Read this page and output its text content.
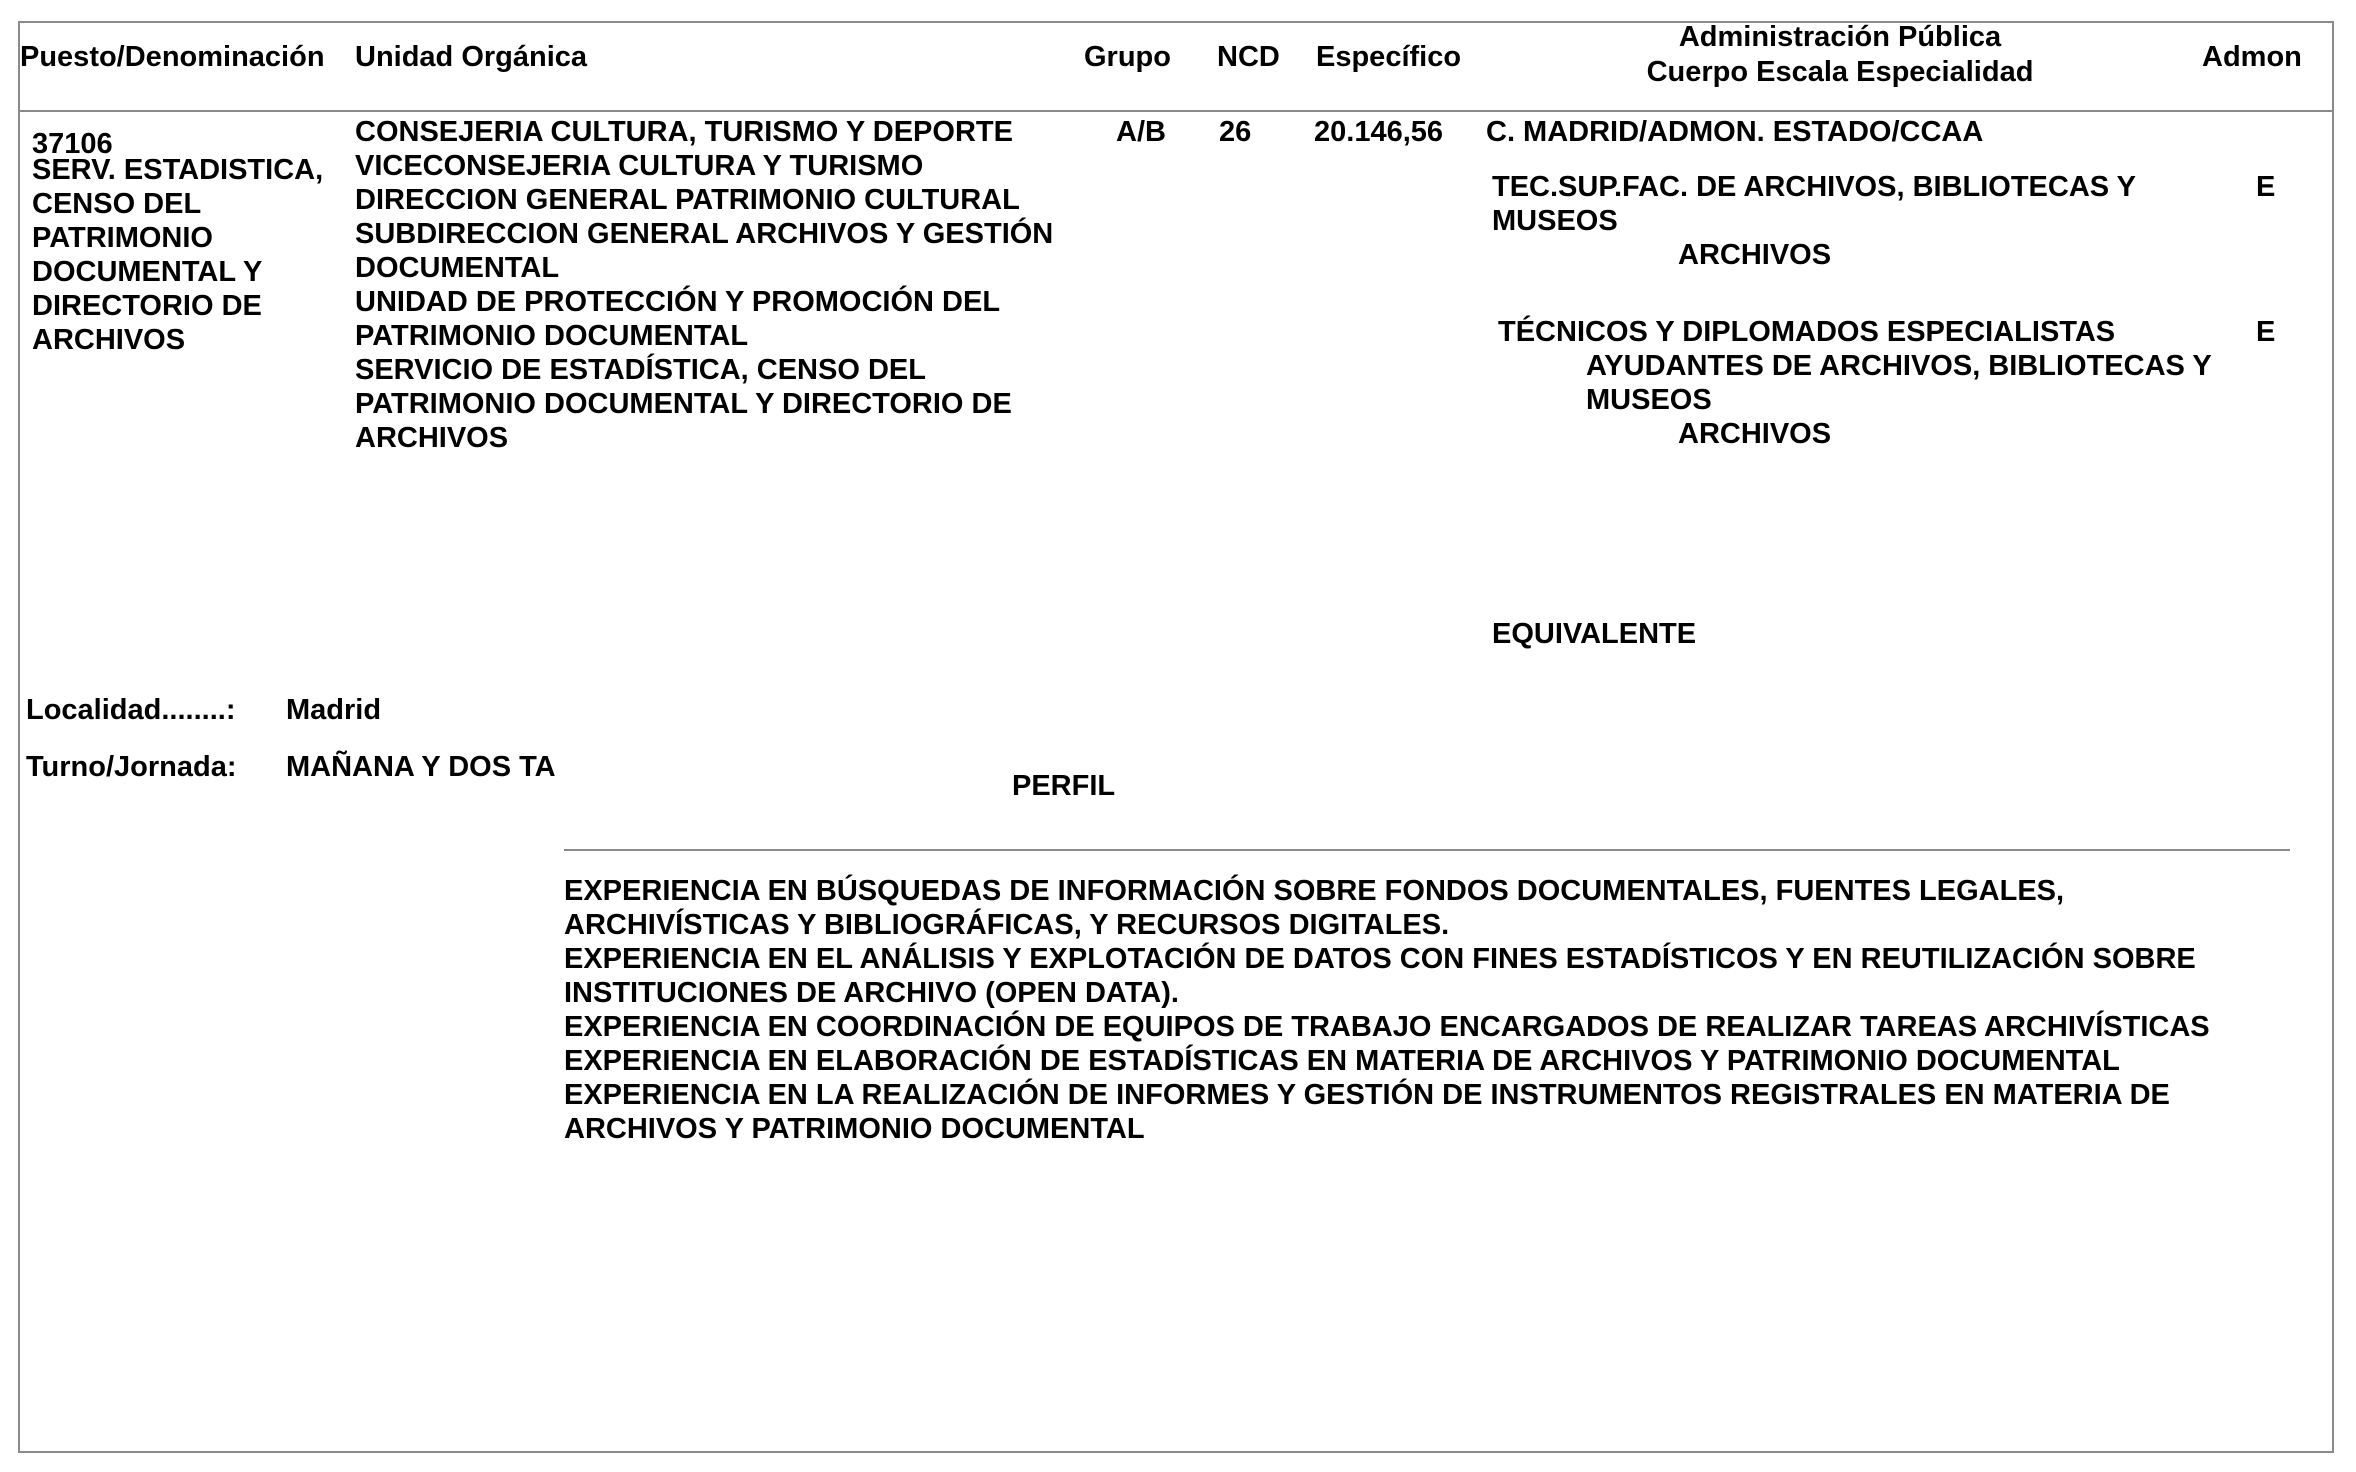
Puesto/Denominación Unidad Orgánica	Grupo NCD Específico
Administración Pública
Cuerpo Escala Especialidad	Admon
37106
SERV. ESTADISTICA,
CENSO DEL
PATRIMONIO
DOCUMENTAL Y
DIRECTORIO DE
ARCHIVOS
CONSEJERIA CULTURA, TURISMO Y DEPORTE
VICECONSEJERIA CULTURA Y TURISMO
DIRECCION GENERAL PATRIMONIO CULTURAL
SUBDIRECCION GENERAL ARCHIVOS Y GESTIÓN
DOCUMENTAL
UNIDAD DE PROTECCIÓN Y PROMOCIÓN DEL
PATRIMONIO DOCUMENTAL
SERVICIO DE ESTADÍSTICA, CENSO DEL
PATRIMONIO DOCUMENTAL Y DIRECTORIO DE
ARCHIVOS
A/B 26 20.146,56 C. MADRID/ADMON. ESTADO/CCAA
TEC.SUP.FAC. DE ARCHIVOS, BIBLIOTECAS Y
MUSEOS
ARCHIVOS
E
TÉCNICOS Y DIPLOMADOS ESPECIALISTAS
AYUDANTES DE ARCHIVOS, BIBLIOTECAS Y
MUSEOS
ARCHIVOS
E
EQUIVALENTE
Localidad........: Madrid
Turno/Jornada: MAÑANA Y DOS TA
PERFIL
EXPERIENCIA EN BÚSQUEDAS DE INFORMACIÓN SOBRE FONDOS DOCUMENTALES, FUENTES LEGALES,
ARCHIVÍSTICAS Y BIBLIOGRÁFICAS, Y RECURSOS DIGITALES.
EXPERIENCIA EN EL ANÁLISIS Y EXPLOTACIÓN DE DATOS CON FINES ESTADÍSTICOS Y EN REUTILIZACIÓN SOBRE
INSTITUCIONES DE ARCHIVO (OPEN DATA).
EXPERIENCIA EN COORDINACIÓN DE EQUIPOS DE TRABAJO ENCARGADOS DE REALIZAR TAREAS ARCHIVÍSTICAS
EXPERIENCIA EN ELABORACIÓN DE ESTADÍSTICAS EN MATERIA DE ARCHIVOS Y PATRIMONIO DOCUMENTAL
EXPERIENCIA EN LA REALIZACIÓN DE INFORMES Y GESTIÓN DE INSTRUMENTOS REGISTRALES EN MATERIA DE
ARCHIVOS Y PATRIMONIO DOCUMENTAL
